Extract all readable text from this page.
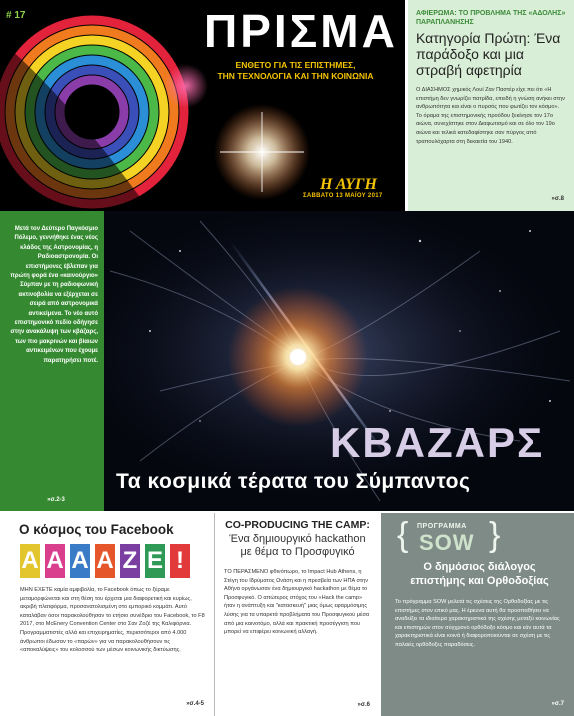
# 17	ΠΡΙΣΜΑ
ΕΝΘΕΤΟ ΓΙΑ ΤΙΣ ΕΠΙΣΤΗΜΕΣ,
ΤΗΝ ΤΕΧΝΟΛΟΓΙΑ ΚΑΙ ΤΗΝ ΚΟΙΝΩΝΙΑ
Η ΑΥΓΗ
ΣΑΒΒΑΤΟ 13 ΜΑΪΟΥ 2017
ΑΦΙΕΡΩΜΑ: ΤΟ ΠΡΟΒΛΗΜΑ ΤΗΣ «ΑΔΟΛΗΣ» ΠΑΡΑΠΛΑΝΗΣΗΣ
Κατηγορία Πρώτη: Ένα παράδοξο και μια στραβή αφετηρία
Ο ΔΙΑΣΗΜΟΣ χημικός Λουί Ζαν Παστέρ είχε πει ότι «Η επιστήμη δεν γνωρίζει πατρίδα, επειδή η γνώση ανήκει στην ανθρωπότητα και είναι ο πυρσός που φωτίζει τον κόσμο». Το όραμα της επιστημονικής προόδου ξεκίνησε τον 17ο αιώνα, συνεχίστηκε στον Διαφωτισμό και σε όλο τον 19ο αιώνα και τελικά κατεδαφίστηκε σαν πύργος από τραπουλόχαρτα στη δεκαετία του 1940.
»σ.8
Μετά τον Δεύτερο Παγκόσμιο Πόλεμο, γεννήθηκε ένας νέος κλάδος της Αστρονομίας, η Ραδιοαστρονομία. Οι επιστήμονες έβλεπαν για πρώτη φορά ένα «καινούργιο» Σύμπαν με τη ραδιοφωνική ακτινοβολία να εξέρχεται σε σειρά από αστρονομικά αντικείμενα. Το νέο αυτό επιστημονικό πεδίο οδήγησε στην ανακάλυψη των κβάζαρς, των πιο μακρινών και βίαιων αντικειμένων που έχουμε παρατηρήσει ποτέ.
»σ.2-3
ΚΒΑΖΑΡΣ
Τα κοσμικά τέρατα του Σύμπαντος
Ο κόσμος του Facebook
A A A A Z E !
ΜΗΝ ΕΧΕΤΕ καμία αμφιβολία, το Facebook όπως το ξέραμε μεταμορφώνεται και στη θέση του έρχεται μια διαφορετική και κυρίως, ακριβή πλατφόρμα, προσανατολισμένη στο εμπορικό κομμάτι. Αυτό καταλάβαν όσοι παρακολούθησαν το ετήσιο συνέδριο του Facebook, το F8 2017, στο McEnery Convention Center στο Σαν Ζοζέ της Καλιφόρνια. Προγραμματιστές αλλά και επιχειρηματίες, περισσότεροι από 4.000 άνθρωποι έδωσαν το «παρών» για να παρακολουθήσουν τις «αποκαλύψεις» του κολοσσού των μέσων κοινωνικής δικτύωσης.
»σ.4-5
CO-PRODUCING THE CAMP:
Ένα δημιουργικό hackathon με θέμα το Προσφυγικό
ΤΟ ΠΕΡΑΣΜΕΝΟ φθινόπωρο, το Impact Hub Athens, η Στέγη του Ιδρύματος Ωνάση και η πρεσβεία των ΗΠΑ στην Αθήνα οργάνωσαν ένα δημιουργικό hackathon με θέμα το Προσφυγικό. Ο απώτερος στόχος του «Hack the camp» ήταν η ανάπτυξη και "κατασκευή" μιας όμως εφαρμόσιμης λύσης για τα υπαρκτά προβλήματα του Προσφυγικού μέσα από μια καινοτόμο, αλλά και πρακτική προσέγγιση που μπορεί να επιφέρει κοινωνική αλλαγή.
»σ.6
{ ΠΡΟΓΡΑΜΜΑ
SOW }
Ο δημόσιος διάλογος επιστήμης και Ορθοδοξίας
Το πρόγραμμα SOW μελετά τις σχέσεις της Ορθοδοξίας με τις επιστήμες στον επικό μας. Η έρευνα αυτή θα προσπαθήσει να αναδείξει τα ιδιαίτερα χαρακτηριστικά της σχέσης μεταξύ κοινωνίας και επιστημών στον σύγχρονο ορθόδοξο κόσμο και εάν αυτά τα χαρακτηριστικά είναι κοινά ή διαφοροποιούνται σε σχέση με τις παλαιές ορθόδοξες παραδόσεις.
»σ.7
